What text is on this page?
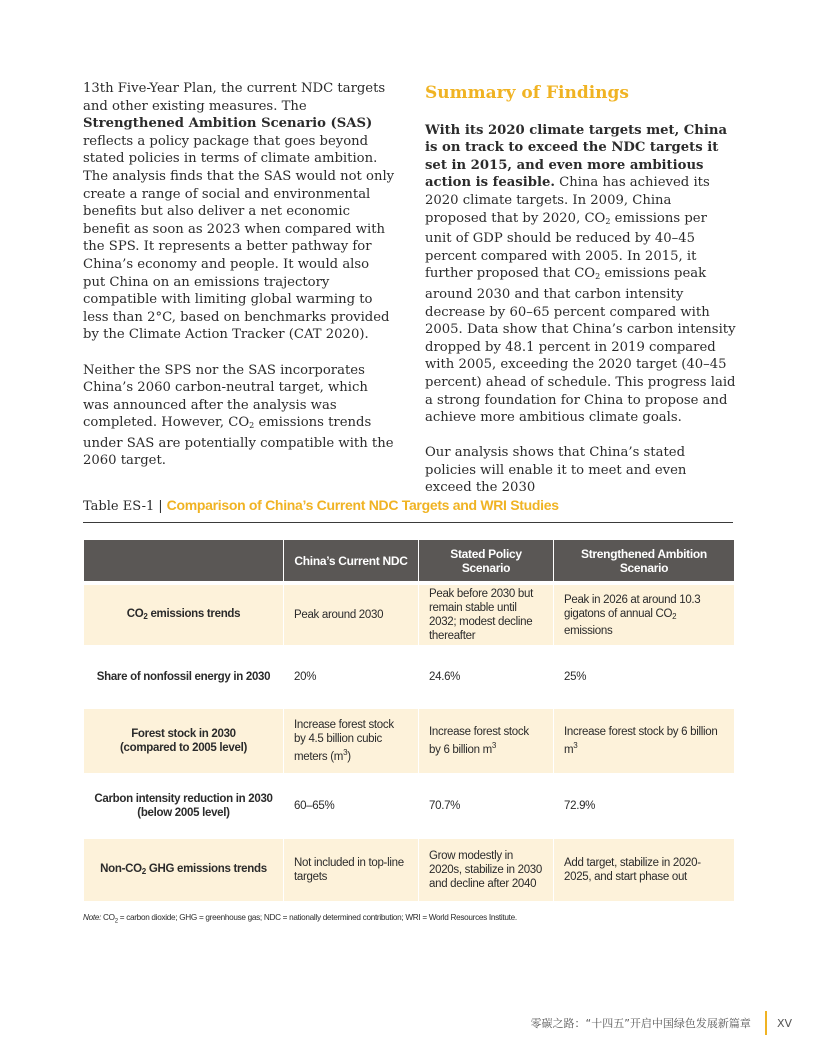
13th Five-Year Plan, the current NDC targets and other existing measures. The Strengthened Ambition Scenario (SAS) reflects a policy package that goes beyond stated policies in terms of climate ambition. The analysis finds that the SAS would not only create a range of social and environmental benefits but also deliver a net economic benefit as soon as 2023 when compared with the SPS. It represents a better pathway for China’s economy and people. It would also put China on an emissions trajectory compatible with limiting global warming to less than 2°C, based on benchmarks provided by the Climate Action Tracker (CAT 2020).

Neither the SPS nor the SAS incorporates China’s 2060 carbon-neutral target, which was announced after the analysis was completed. However, $CO_2$ emissions trends under SAS are potentially compatible with the 2060 target.

Summary of Findings

With its 2020 climate targets met, China is on track to exceed the NDC targets it set in 2015, and even more ambitious action is feasible. China has achieved its 2020 climate targets. In 2009, China proposed that by 2020, $CO_2$ emissions per unit of GDP should be reduced by 40–45 percent compared with 2005. In 2015, it further proposed that $CO_2$ emissions peak around 2030 and that carbon intensity decrease by 60–65 percent compared with 2005. Data show that China’s carbon intensity dropped by 48.1 percent in 2019 compared with 2005, exceeding the 2020 target (40–45 percent) ahead of schedule. This progress laid a strong foundation for China to propose and achieve more ambitious climate goals.

Our analysis shows that China’s stated policies will enable it to meet and even exceed the 2030

Table ES-1 | Comparison of China’s Current NDC Targets and WRI Studies
	China’s Current NDC	Stated Policy Scenario	Strengthened Ambition Scenario

$CO_2$ emissions trends	Peak around 2030	Peak before 2030 but remain stable until 2032; modest decline thereafter	Peak in 2026 at around 10.3 gigatons of annual $CO_2$ emissions
Share of nonfossil energy in 2030	20%	24.6%	25%
Forest stock in 2030
(compared to 2005 level)	Increase forest stock by 4.5 billion cubic meters $(m^3)$	Increase forest stock by 6 billion $m^3$	Increase forest stock by 6 billion $m^3$
Carbon intensity reduction in 2030
(below 2005 level)	60–65%	70.7%	72.9%
Non-$CO_2$ GHG emissions trends	Not included in top-line targets	Grow modestly in 2020s, stabilize in 2030 and decline after 2040	Add target, stabilize in 2020-2025, and start phase out
Note: $CO_2$ = carbon dioxide; GHG = greenhouse gas; NDC = nationally determined contribution; WRI = World Resources Institute.
零碳之路：“十四五”开启中国绿色发展新篇章 XV
